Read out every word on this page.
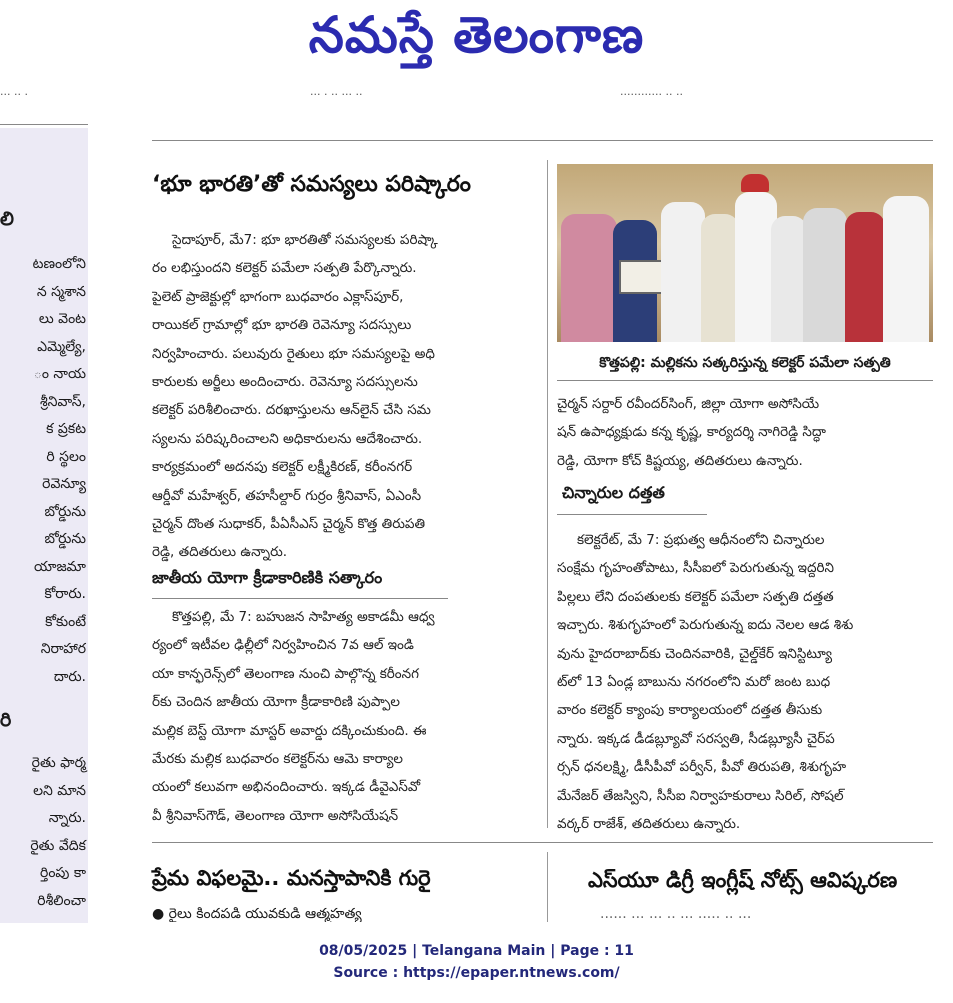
నమస్తే తెలంగాణ
··· ·· ·	··· · ·· ··· ··	············ ·· ··
లి
టణంలోని
న స్మశాన
లు వెంట
ఎమ్మెల్యే,
ం నాయ
శ్రీనివాస్,
క ప్రకట
రి స్థలం
రెవెన్యూ
బోర్డును
బోర్డును
యాజమా
కోరారు.
కోకుంటే
నిరాహార
దారు.
రి
రైతు ఫార్మ
లని మాన
న్నారు.
రైతు వేదిక
ర్తింపు కా
రిశీలించా
‘భూ భారతి’తో సమస్యలు పరిష్కారం
సైదాపూర్, మే7: భూ భారతితో సమస్యలకు పరిష్కా
రం లభిస్తుందని కలెక్టర్ పమేలా సత్పతి పేర్కొన్నారు.
పైలెట్ ప్రాజెక్టుల్లో భాగంగా బుధవారం ఎక్లాస్‌పూర్,
రాయికల్ గ్రామాల్లో భూ భారతి రెవెన్యూ సదస్సులు
నిర్వహించారు. పలువురు రైతులు భూ సమస్యలపై అధి
కారులకు అర్జీలు అందించారు. రెవెన్యూ సదస్సులను
కలెక్టర్ పరిశీలించారు. దరఖాస్తులను ఆన్‌లైన్ చేసి సమ
స్యలను పరిష్కరించాలని అధికారులను ఆదేశించారు.
కార్యక్రమంలో అదనపు కలెక్టర్ లక్ష్మీకిరణ్, కరీంనగర్
ఆర్డీవో మహేశ్వర్, తహసీల్దార్ గుర్రం శ్రీనివాస్, ఏఎంసీ
చైర్మన్ దొంత సుధాకర్, పీఏసీఎస్ చైర్మన్ కొత్త తిరుపతి
రెడ్డి, తదితరులు ఉన్నారు.
జాతీయ యోగా క్రీడాకారిణికి సత్కారం
కొత్తపల్లి, మే 7: బహుజన సాహిత్య అకాడమీ ఆధ్వ
ర్యంలో ఇటీవల ఢిల్లీలో నిర్వహించిన 7వ ఆల్ ఇండి
యా కాన్ఫరెన్స్‌లో తెలంగాణ నుంచి పాల్గొన్న కరీంనగ
ర్‌కు చెందిన జాతీయ యోగా క్రీడాకారిణి పుప్పాల
మల్లిక బెస్ట్ యోగా మాస్టర్ అవార్డు దక్కించుకుంది. ఈ
మేరకు మల్లిక బుధవారం కలెక్టర్‌ను ఆమె కార్యాల
యంలో కలువగా అభినందించారు. ఇక్కడ డీవైఎస్‌వో
వీ శ్రీనివాస్‌గౌడ్, తెలంగాణ యోగా అసోసియేషన్
కొత్తపల్లి: మల్లికను సత్కరిస్తున్న కలెక్టర్ పమేలా సత్పతి
చైర్మన్ సర్దార్ రవీందర్‌సింగ్, జిల్లా యోగా అసోసియే
షన్ ఉపాధ్యక్షుడు కన్న కృష్ణ, కార్యదర్శి నాగిరెడ్డి సిద్ధా
రెడ్డి, యోగా కోచ్ కిష్టయ్య, తదితరులు ఉన్నారు.
చిన్నారుల దత్తత
కలెక్టరేట్, మే 7: ప్రభుత్వ ఆధీనంలోని చిన్నారుల
సంక్షేమ గృహంతోపాటు, సీసీఐలో పెరుగుతున్న ఇద్దరిని
పిల్లలు లేని దంపతులకు కలెక్టర్ పమేలా సత్పతి దత్తత
ఇచ్చారు. శిశుగృహంలో పెరుగుతున్న ఐదు నెలల ఆడ శిశు
వును హైదరాబాద్‌కు చెందినవారికి, చైల్డ్‌కేర్ ఇనిస్టిట్యూ
ట్‌లో 13 ఏండ్ల బాబును నగరంలోని మరో జంట బుధ
వారం కలెక్టర్ క్యాంపు కార్యాలయంలో దత్తత తీసుకు
న్నారు. ఇక్కడ డీడబ్ల్యూవో సరస్వతి, సీడబ్ల్యూసీ చైర్‌ప
ర్సన్ ధనలక్ష్మి, డీసీపీవో పర్వీన్, పీవో తిరుపతి, శిశుగృహ
మేనేజర్ తేజస్విని, సీసీఐ నిర్వాహకురాలు సిరిల్, సోషల్
వర్కర్ రాజేశ్, తదితరులు ఉన్నారు.
ప్రేమ విఫలమై.. మనస్తాపానికి గురై
● రైలు కింద‌పడి యువకుడి ఆత్మహత్య
ఎస్‌యూ డిగ్రీ ఇంగ్లీష్ నోట్స్ ఆవిష్కరణ
······ ··· ··· ·· ··· ····· ·· ···
08/05/2025 | Telangana Main | Page : 11
Source : https://epaper.ntnews.com/
